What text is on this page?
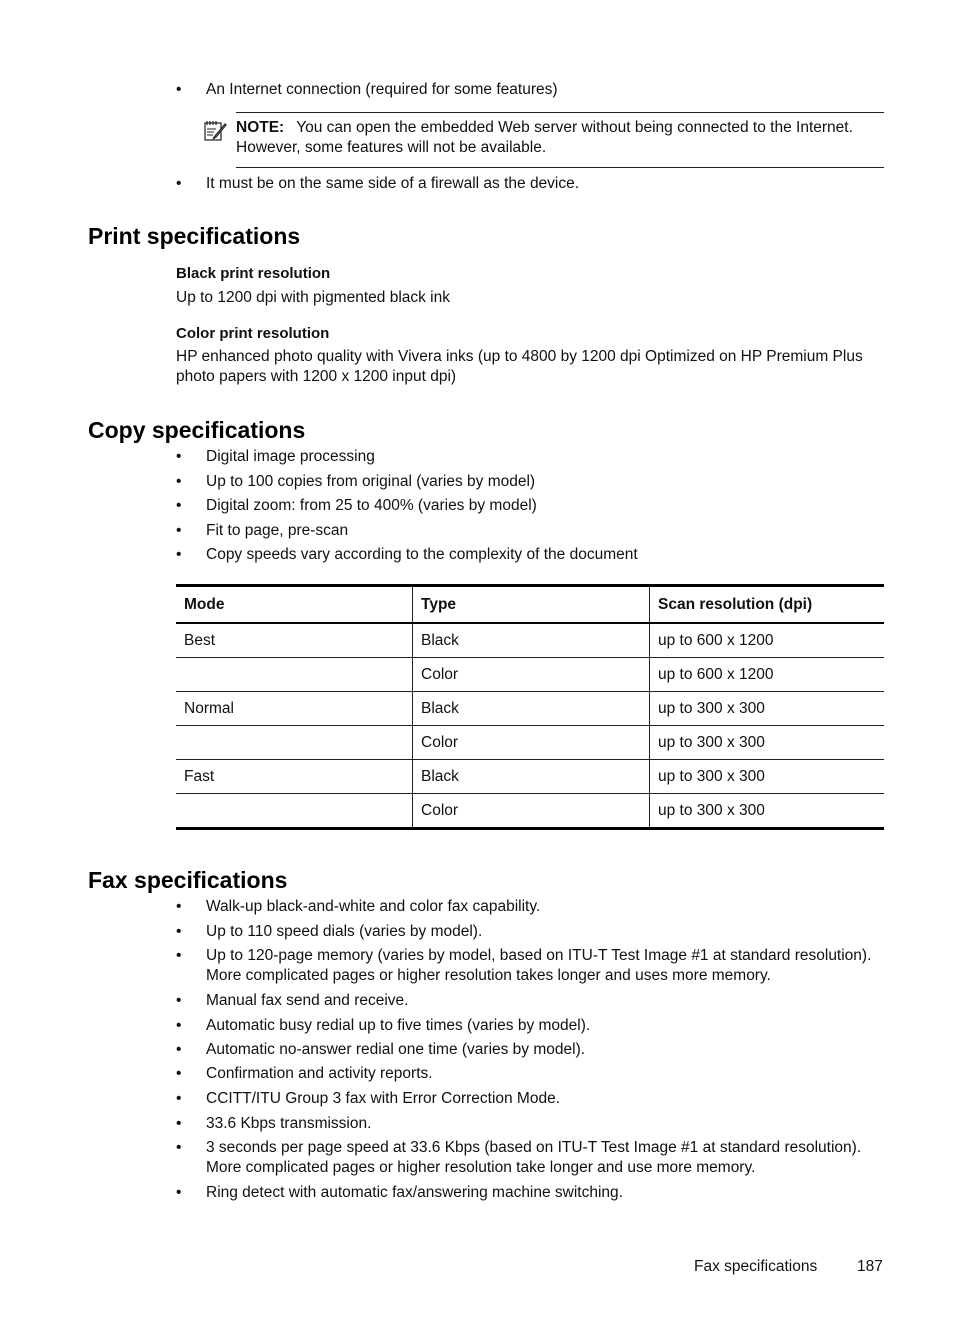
•	An Internet connection (required for some features)
NOTE: You can open the embedded Web server without being connected to the Internet. However, some features will not be available.
•	It must be on the same side of a firewall as the device.
Print specifications
Black print resolution
Up to 1200 dpi with pigmented black ink
Color print resolution
HP enhanced photo quality with Vivera inks (up to 4800 by 1200 dpi Optimized on HP Premium Plus photo papers with 1200 x 1200 input dpi)
Copy specifications
•	Digital image processing
•	Up to 100 copies from original (varies by model)
•	Digital zoom: from 25 to 400% (varies by model)
•	Fit to page, pre-scan
•	Copy speeds vary according to the complexity of the document
Mode	Type	Scan resolution (dpi)
Best	Black	up to 600 x 1200
	Color	up to 600 x 1200
Normal	Black	up to 300 x 300
	Color	up to 300 x 300
Fast	Black	up to 300 x 300
	Color	up to 300 x 300
Fax specifications
•	Walk-up black-and-white and color fax capability.
•	Up to 110 speed dials (varies by model).
•	Up to 120-page memory (varies by model, based on ITU-T Test Image #1 at standard resolution). More complicated pages or higher resolution takes longer and uses more memory.
•	Manual fax send and receive.
•	Automatic busy redial up to five times (varies by model).
•	Automatic no-answer redial one time (varies by model).
•	Confirmation and activity reports.
•	CCITT/ITU Group 3 fax with Error Correction Mode.
•	33.6 Kbps transmission.
•	3 seconds per page speed at 33.6 Kbps (based on ITU-T Test Image #1 at standard resolution). More complicated pages or higher resolution take longer and use more memory.
•	Ring detect with automatic fax/answering machine switching.
Fax specifications	187
